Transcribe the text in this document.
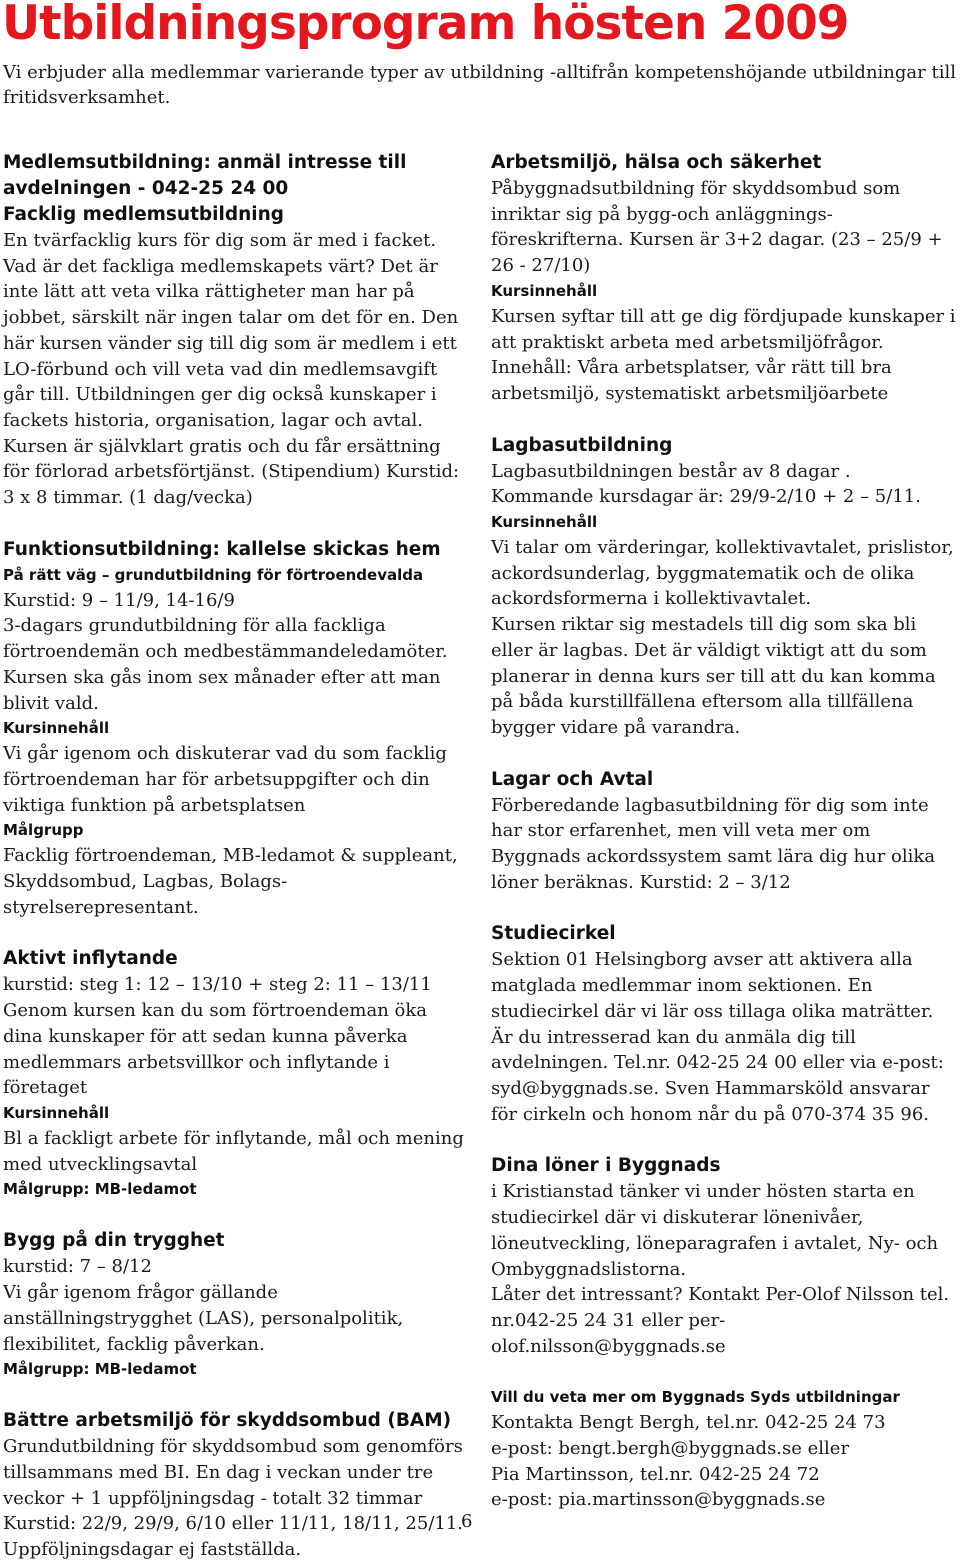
Utbildningsprogram hösten 2009

Vi erbjuder alla medlemmar varierande typer av utbildning -alltifrån kompetenshöjande utbildningar till fritidsverksamhet.

Medlemsutbildning: anmäl intresse till avdelningen - 042-25 24 00

Facklig medlemsutbildning

En tvärfacklig kurs för dig som är med i facket. Vad är det fackliga medlemskapets värt? Det är inte lätt att veta vilka rättigheter man har på jobbet, särskilt när ingen talar om det för en. Den här kursen vänder sig till dig som är medlem i ett LO-förbund och vill veta vad din medlemsavgift går till. Utbildningen ger dig också kunskaper i fackets historia, organisation, lagar och avtal. Kursen är självklart gratis och du får ersättning för förlorad arbetsförtjänst. (Stipendium) Kurstid: 3 x 8 timmar. (1 dag/vecka)

Funktionsutbildning: kallelse skickas hem

På rätt väg – grundutbildning för förtroendevalda

Kurstid: 9 – 11/9, 14-16/9

3-dagars grundutbildning för alla fackliga förtroendemän och medbestämmandeledamöter. Kursen ska gås inom sex månader efter att man blivit vald.

Kursinnehåll

Vi går igenom och diskuterar vad du som facklig förtroendeman har för arbetsuppgifter och din viktiga funktion på arbetsplatsen

Målgrupp

Facklig förtroendeman, MB-ledamot & suppleant, Skyddsombud, Lagbas, Bolags-styrelserepresentant.

Aktivt inflytande

kurstid: steg 1: 12 – 13/10 + steg 2: 11 – 13/11

Genom kursen kan du som förtroendeman öka dina kunskaper för att sedan kunna påverka medlemmars arbetsvillkor och inflytande i företaget

Kursinnehåll

Bl a fackligt arbete för inflytande, mål och mening med utvecklingsavtal

Målgrupp: MB-ledamot

Bygg på din trygghet

kurstid: 7 – 8/12

Vi går igenom frågor gällande anställningstrygghet (LAS), personalpolitik, flexibilitet, facklig påverkan.

Målgrupp: MB-ledamot

Bättre arbetsmiljö för skyddsombud (BAM)

Grundutbildning för skyddsombud som genomförs tillsammans med BI. En dag i veckan under tre veckor + 1 uppföljningsdag - totalt 32 timmar Kurstid: 22/9, 29/9, 6/10 eller 11/11, 18/11, 25/11. Uppföljningsdagar ej fastställda.

Arbetsmiljö, hälsa och säkerhet

Påbyggnadsutbildning för skyddsombud som inriktar sig på bygg-och anläggnings-föreskrifterna. Kursen är 3+2 dagar. (23 – 25/9 + 26 - 27/10)

Kursinnehåll

Kursen syftar till att ge dig fördjupade kunskaper i att praktiskt arbeta med arbetsmiljöfrågor. Innehåll: Våra arbetsplatser, vår rätt till bra arbetsmiljö, systematiskt arbetsmiljöarbete

Lagbasutbildning

Lagbasutbildningen består av 8 dagar . Kommande kursdagar är: 29/9-2/10 + 2 – 5/11.

Kursinnehåll

Vi talar om värderingar, kollektivavtalet, prislistor, ackordsunderlag, byggmatematik och de olika ackordsformerna i kollektivavtalet.

Kursen riktar sig mestadels till dig som ska bli eller är lagbas. Det är väldigt viktigt att du som planerar in denna kurs ser till att du kan komma på båda kurstillfällena eftersom alla tillfällena bygger vidare på varandra.

Lagar och Avtal

Förberedande lagbasutbildning för dig som inte har stor erfarenhet, men vill veta mer om Byggnads ackordssystem samt lära dig hur olika löner beräknas. Kurstid: 2 – 3/12

Studiecirkel

Sektion 01 Helsingborg avser att aktivera alla matglada medlemmar inom sektionen. En studiecirkel där vi lär oss tillaga olika maträtter. Är du intresserad kan du anmäla dig till avdelningen. Tel.nr. 042-25 24 00 eller via e-post: syd@byggnads.se. Sven Hammarsköld ansvarar för cirkeln och honom når du på 070-374 35 96.

Dina löner i Byggnads

i Kristianstad tänker vi under hösten starta en studiecirkel där vi diskuterar lönenivåer, löneutveckling, löneparagrafen i avtalet, Ny- och Ombyggnadslistorna.

Låter det intressant? Kontakt Per-Olof Nilsson tel. nr.042-25 24 31 eller per-olof.nilsson@byggnads.se

Vill du veta mer om Byggnads Syds utbildningar

Kontakta Bengt Bergh, tel.nr. 042-25 24 73

e-post: bengt.bergh@byggnads.se eller

Pia Martinsson, tel.nr. 042-25 24 72

e-post: pia.martinsson@byggnads.se

6
